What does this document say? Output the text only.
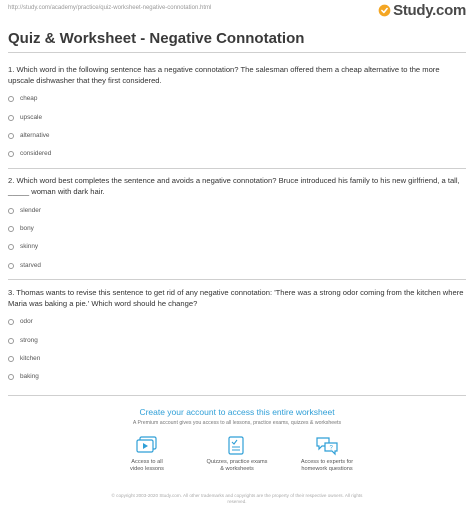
http://study.com/academy/practice/quiz-worksheet-negative-connotation.html	Study.com
Quiz & Worksheet - Negative Connotation
1. Which word in the following sentence has a negative connotation? The salesman offered them a cheap alternative to the more upscale dishwasher that they first considered.
cheap
upscale
alternative
considered
2. Which word best completes the sentence and avoids a negative connotation? Bruce introduced his family to his new girlfriend, a tall, _____ woman with dark hair.
slender
bony
skinny
starved
3. Thomas wants to revise this sentence to get rid of any negative connotation: 'There was a strong odor coming from the kitchen where Maria was baking a pie.' Which word should he change?
odor
strong
kitchen
baking
Create your account to access this entire worksheet
A Premium account gives you access to all lessons, practice exams, quizzes & worksheets
Access to all
video lessons
Quizzes, practice exams
& worksheets
?
Access to experts for
homework questions
© copyright 2003-2020 Study.com. All other trademarks and copyrights are the property of their respective owners. All rights
reserved.
